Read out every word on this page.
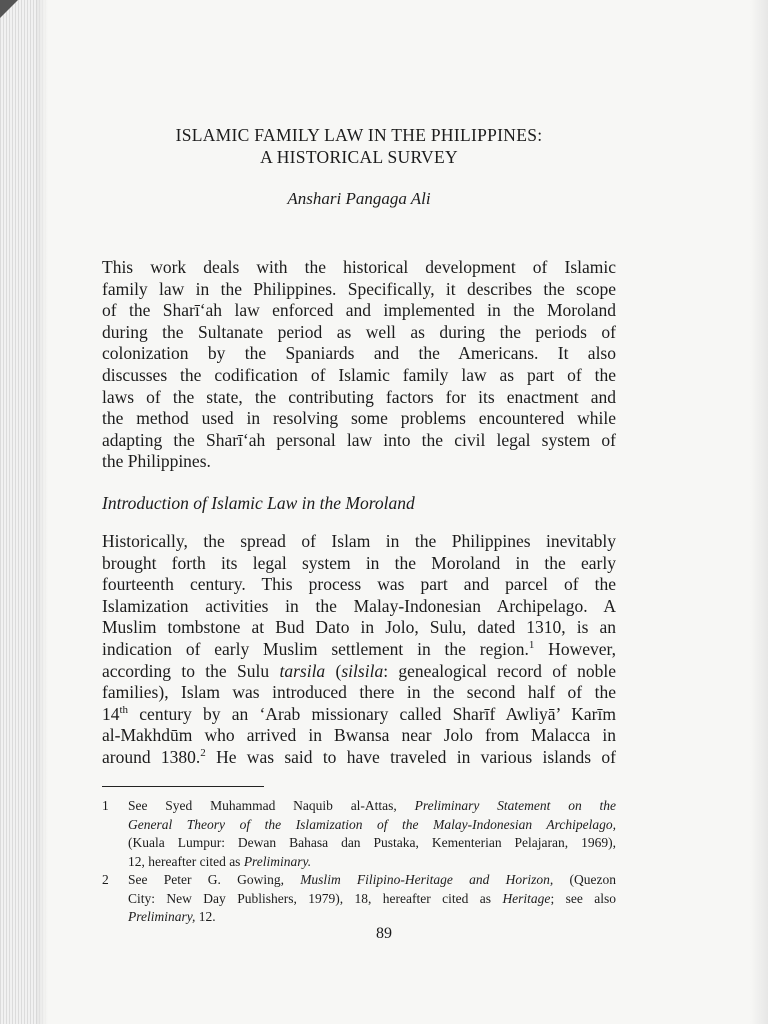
ISLAMIC FAMILY LAW IN THE PHILIPPINES:
A HISTORICAL SURVEY

Anshari Pangaga Ali

This work deals with the historical development of Islamic
family law in the Philippines. Specifically, it describes the scope
of the Sharī‘ah law enforced and implemented in the Moroland
during the Sultanate period as well as during the periods of
colonization by the Spaniards and the Americans. It also
discusses the codification of Islamic family law as part of the
laws of the state, the contributing factors for its enactment and
the method used in resolving some problems encountered while
adapting the Sharī‘ah personal law into the civil legal system of
the Philippines.

Introduction of Islamic Law in the Moroland

Historically, the spread of Islam in the Philippines inevitably
brought forth its legal system in the Moroland in the early
fourteenth century. This process was part and parcel of the
Islamization activities in the Malay-Indonesian Archipelago. A
Muslim tombstone at Bud Dato in Jolo, Sulu, dated 1310, is an
indication of early Muslim settlement in the region.$^1$ However,
according to the Sulu tarsila (silsila: genealogical record of noble
families), Islam was introduced there in the second half of the
14th century by an ‘Arab missionary called Sharīf Awliyā’ Karīm
al-Makhdūm who arrived in Bwansa near Jolo from Malacca in
around 1380.$^2$ He was said to have traveled in various islands of
1	See Syed Muhammad Naquib al-Attas, Preliminary Statement on the
General Theory of the Islamization of the Malay-Indonesian Archipelago,
(Kuala Lumpur: Dewan Bahasa dan Pustaka, Kementerian Pelajaran, 1969),
12, hereafter cited as Preliminary.
2	See Peter G. Gowing, Muslim Filipino-Heritage and Horizon, (Quezon
City: New Day Publishers, 1979), 18, hereafter cited as Heritage; see also
Preliminary, 12.
89
